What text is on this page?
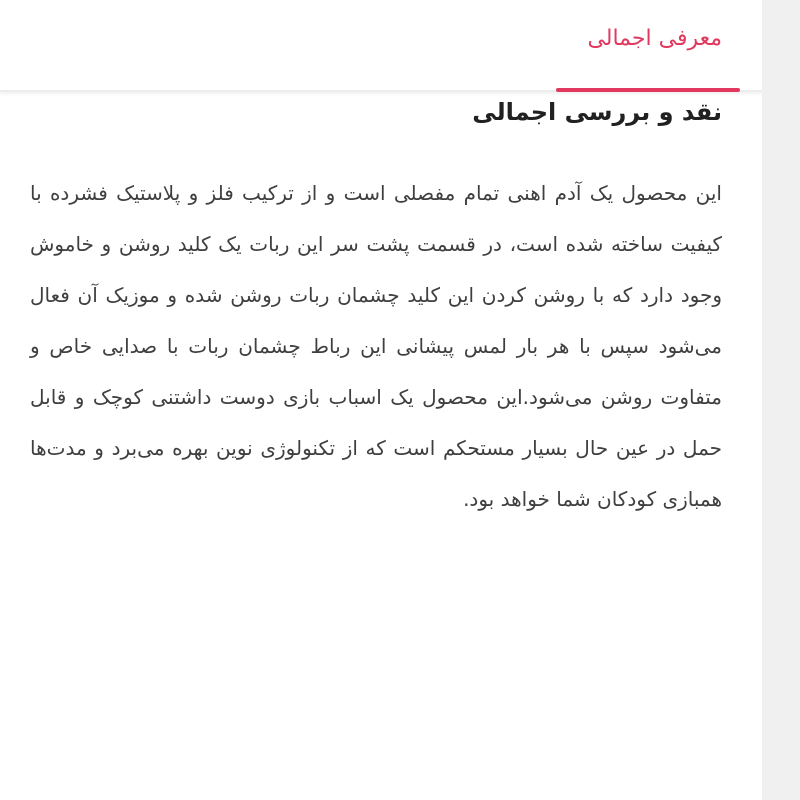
معرفی اجمالی
نقد و بررسی اجمالی

این محصول یک آدم اهنی تمام مفصلی است و از ترکیب فلز و پلاستیک فشرده با کیفیت ساخته شده است، در قسمت پشت سر این ربات یک کلید روشن و خاموش وجود دارد که با روشن کردن این کلید چشمان ربات روشن شده و موزیک آن فعال می‌شود سپس با هر بار لمس پیشانی این رباط چشمان ربات با صدایی خاص و متفاوت روشن می‌شود.این محصول یک اسباب بازی دوست داشتنی کوچک و قابل حمل در عین حال بسیار مستحکم است که از تکنولوژی نوین بهره می‌برد و مدت‌ها همبازی کودکان شما خواهد بود.
